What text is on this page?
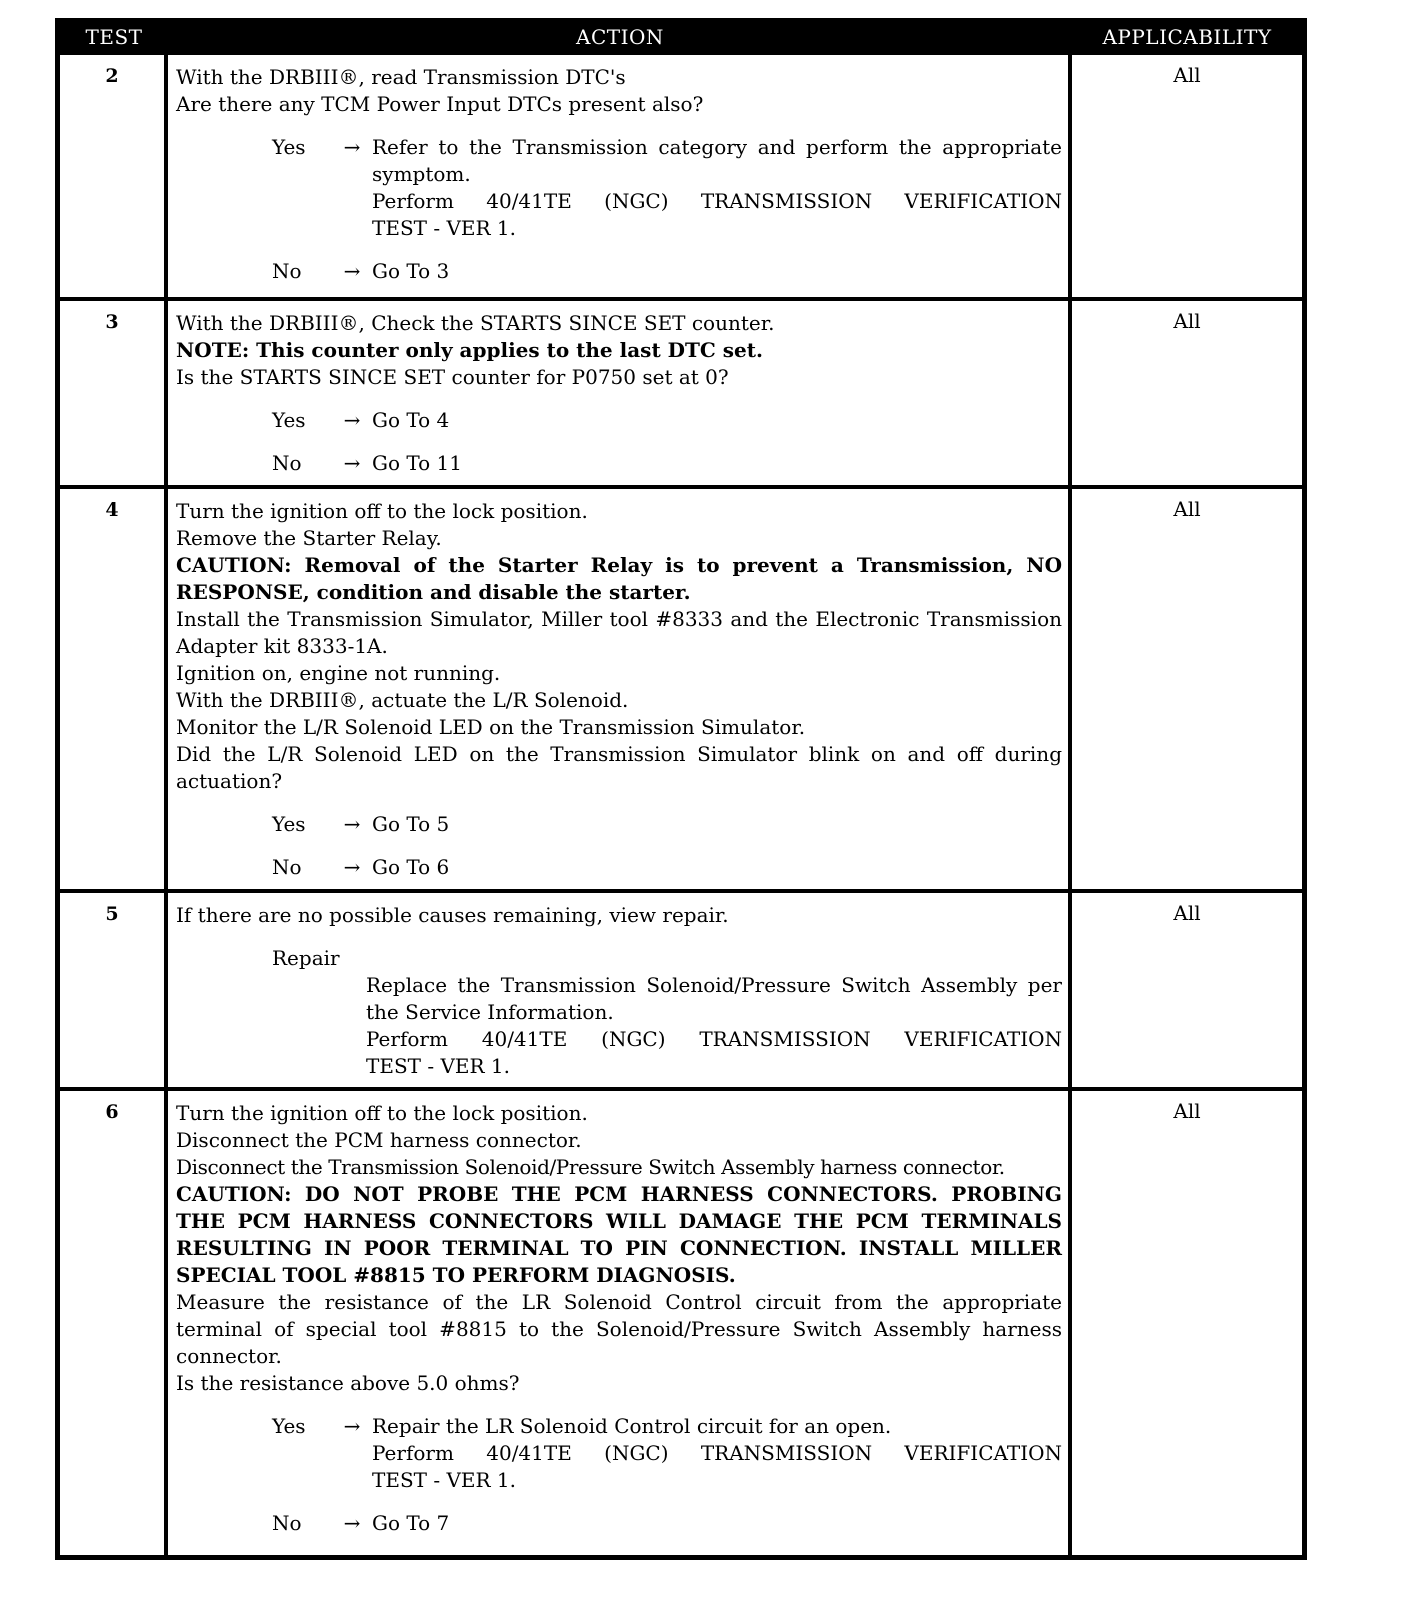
TEST	ACTION	APPLICABILITY
2	With the DRBIII®, read Transmission DTC's
Are there any TCM Power Input DTCs present also?
Yes	→ Refer to the Transmission category and perform the appropriate symptom.
Perform 40/41TE (NGC) TRANSMISSION VERIFICATION
TEST - VER 1.
No	→ Go To 3
All
3	With the DRBIII®, Check the STARTS SINCE SET counter.
NOTE: This counter only applies to the last DTC set.
Is the STARTS SINCE SET counter for P0750 set at 0?
Yes	→ Go To 4
No	→ Go To 11
All
4	Turn the ignition off to the lock position.
Remove the Starter Relay.
CAUTION: Removal of the Starter Relay is to prevent a Transmission, NO RESPONSE, condition and disable the starter.
Install the Transmission Simulator, Miller tool #8333 and the Electronic Transmission Adapter kit 8333-1A.
Ignition on, engine not running.
With the DRBIII®, actuate the L/R Solenoid.
Monitor the L/R Solenoid LED on the Transmission Simulator.
Did the L/R Solenoid LED on the Transmission Simulator blink on and off during actuation?
Yes	→ Go To 5
No	→ Go To 6
All
5	If there are no possible causes remaining, view repair.
Repair
Replace the Transmission Solenoid/Pressure Switch Assembly per the Service Information.
Perform 40/41TE (NGC) TRANSMISSION VERIFICATION
TEST - VER 1.
All
6	Turn the ignition off to the lock position.
Disconnect the PCM harness connector.
Disconnect the Transmission Solenoid/Pressure Switch Assembly harness connector.
CAUTION: DO NOT PROBE THE PCM HARNESS CONNECTORS. PROBING THE PCM HARNESS CONNECTORS WILL DAMAGE THE PCM TERMINALS RESULTING IN POOR TERMINAL TO PIN CONNECTION. INSTALL MILLER SPECIAL TOOL #8815 TO PERFORM DIAGNOSIS.
Measure the resistance of the LR Solenoid Control circuit from the appropriate terminal of special tool #8815 to the Solenoid/Pressure Switch Assembly harness connector.
Is the resistance above 5.0 ohms?
Yes	→ Repair the LR Solenoid Control circuit for an open.
Perform 40/41TE (NGC) TRANSMISSION VERIFICATION
TEST - VER 1.
No	→ Go To 7
All
